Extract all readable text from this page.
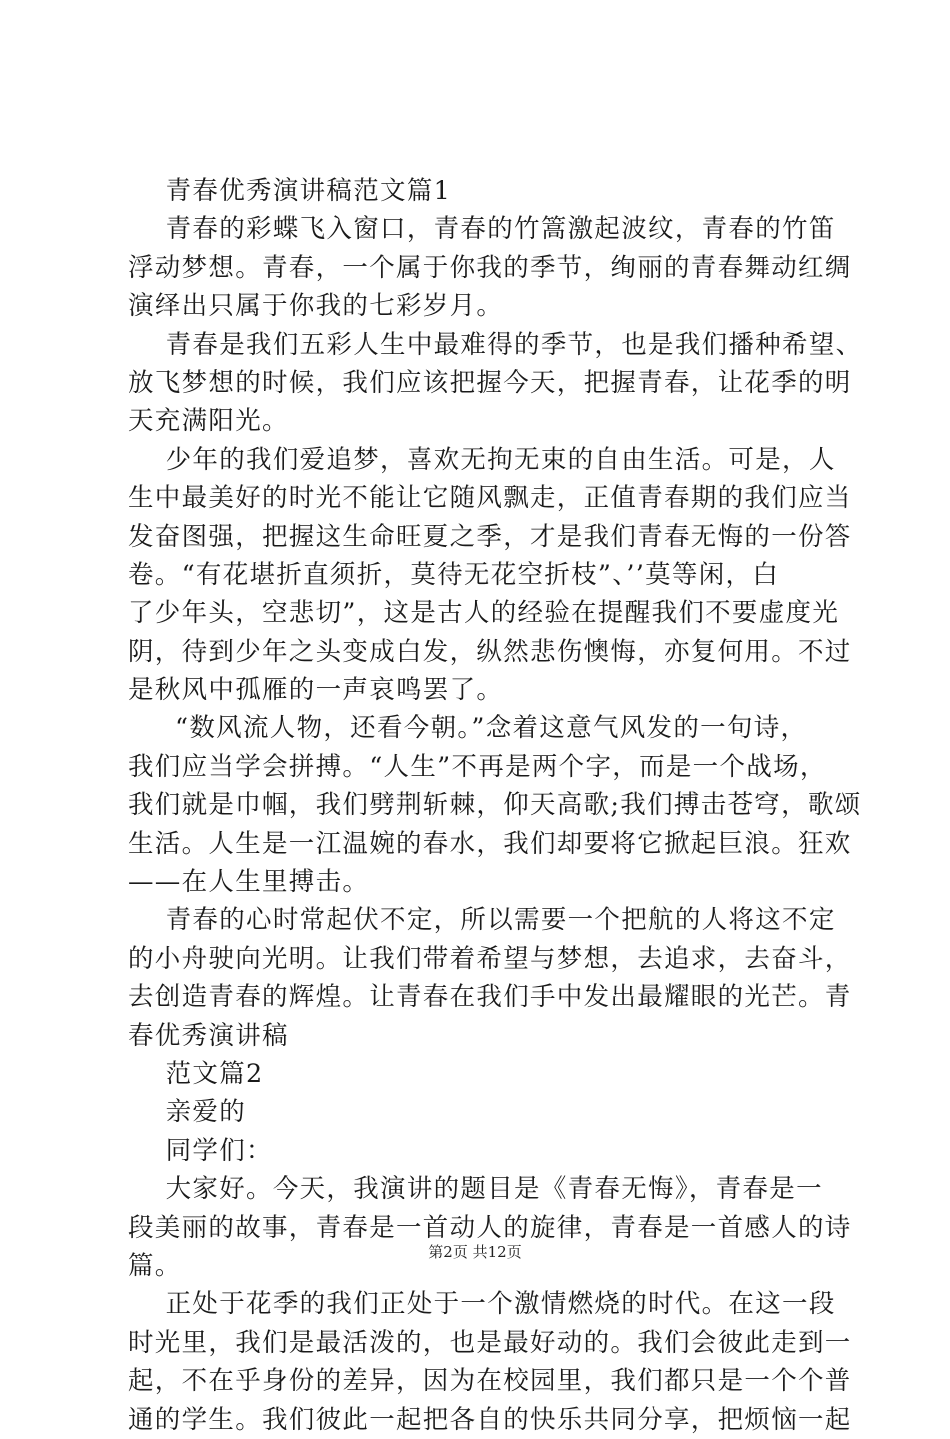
青春优秀演讲稿范文篇1
青春的彩蝶飞入窗口，青春的竹篙激起波纹，青春的竹笛
浮动梦想。青春，一个属于你我的季节，绚丽的青春舞动红绸
演绎出只属于你我的七彩岁月。
青春是我们五彩人生中最难得的季节，也是我们播种希望、
放飞梦想的时候，我们应该把握今天，把握青春，让花季的明
天充满阳光。
少年的我们爱追梦，喜欢无拘无束的自由生活。可是，人
生中最美好的时光不能让它随风飘走，正值青春期的我们应当
发奋图强，把握这生命旺夏之季，才是我们青春无悔的一份答
卷。“有花堪折直须折，莫待无花空折枝”、’’莫等闲，白
了少年头，空悲切”，这是古人的经验在提醒我们不要虚度光
阴，待到少年之头变成白发，纵然悲伤懊悔，亦复何用。不过
是秋风中孤雁的一声哀鸣罢了。
“数风流人物，还看今朝。”念着这意气风发的一句诗，
我们应当学会拼搏。“人生”不再是两个字，而是一个战场，
我们就是巾帼，我们劈荆斩棘，仰天高歌;我们搏击苍穹，歌颂
生活。人生是一江温婉的春水，我们却要将它掀起巨浪。狂欢
——在人生里搏击。
青春的心时常起伏不定，所以需要一个把航的人将这不定
的小舟驶向光明。让我们带着希望与梦想，去追求，去奋斗，
去创造青春的辉煌。让青春在我们手中发出最耀眼的光芒。青
春优秀演讲稿
范文篇2
亲爱的
同学们：
大家好。今天，我演讲的题目是《青春无悔》，青春是一
段美丽的故事，青春是一首动人的旋律，青春是一首感人的诗
篇。
正处于花季的我们正处于一个激情燃烧的时代。在这一段
时光里，我们是最活泼的，也是最好动的。我们会彼此走到一
起，不在乎身份的差异，因为在校园里，我们都只是一个个普
通的学生。我们彼此一起把各自的快乐共同分享，把烦恼一起
第2页 共12页
